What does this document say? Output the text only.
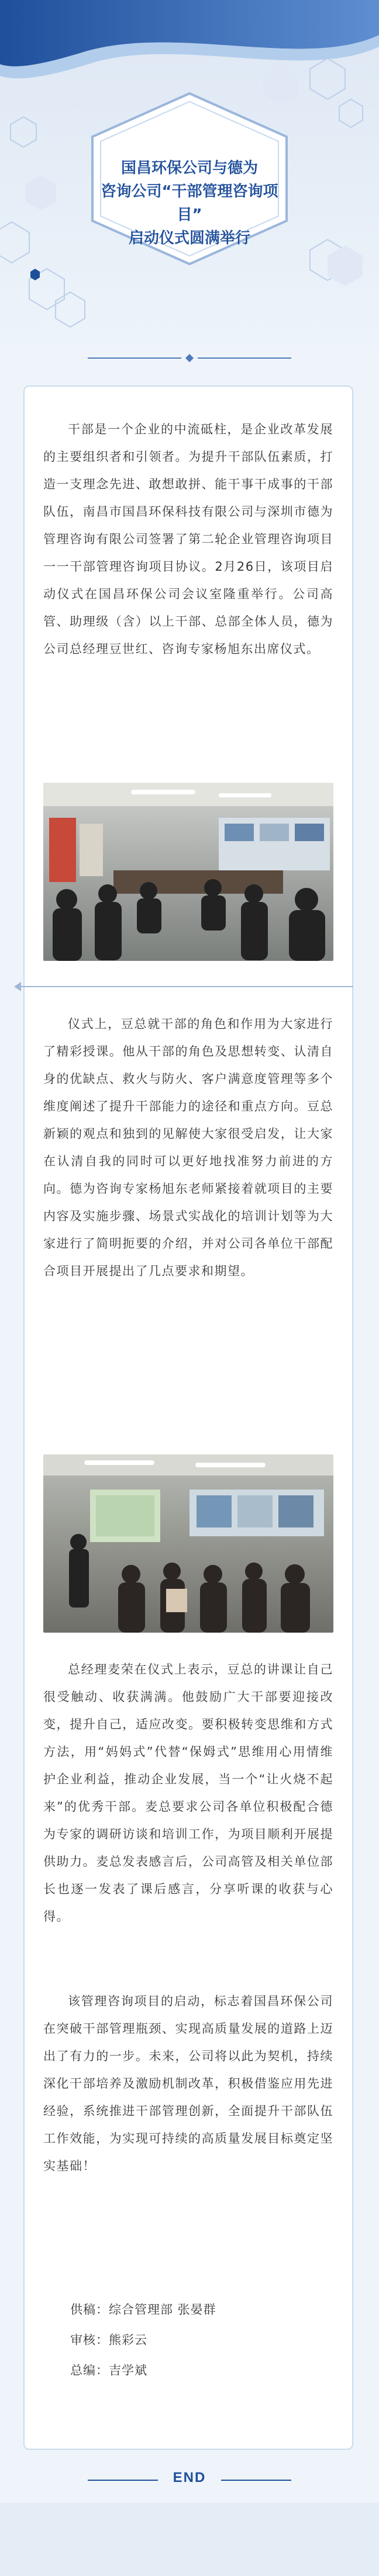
国昌环保公司与德为
咨询公司“干部管理咨询项目”
启动仪式圆满举行
干部是一个企业的中流砥柱，是企业改革发展的主要组织者和引领者。为提升干部队伍素质，打造一支理念先进、敢想敢拼、能干事干成事的干部队伍，南昌市国昌环保科技有限公司与深圳市德为管理咨询有限公司签署了第二轮企业管理咨询项目一一干部管理咨询项目协议。2月26日，该项目启动仪式在国昌环保公司会议室隆重举行。公司高管、助理级（含）以上干部、总部全体人员，德为公司总经理豆世红、咨询专家杨旭东出席仪式。
仪式上，豆总就干部的角色和作用为大家进行了精彩授课。他从干部的角色及思想转变、认清自身的优缺点、救火与防火、客户满意度管理等多个维度阐述了提升干部能力的途径和重点方向。豆总新颖的观点和独到的见解使大家很受启发，让大家在认清自我的同时可以更好地找准努力前进的方向。德为咨询专家杨旭东老师紧接着就项目的主要内容及实施步骤、场景式实战化的培训计划等为大家进行了简明扼要的介绍，并对公司各单位干部配合项目开展提出了几点要求和期望。
总经理麦荣在仪式上表示，豆总的讲课让自己很受触动、收获满满。他鼓励广大干部要迎接改变，提升自己，适应改变。要积极转变思维和方式方法，用“妈妈式”代替“保姆式”思维用心用情维护企业利益，推动企业发展，当一个“让火烧不起来”的优秀干部。麦总要求公司各单位积极配合德为专家的调研访谈和培训工作，为项目顺利开展提供助力。麦总发表感言后，公司高管及相关单位部长也逐一发表了课后感言，分享听课的收获与心得。
该管理咨询项目的启动，标志着国昌环保公司在突破干部管理瓶颈、实现高质量发展的道路上迈出了有力的一步。未来，公司将以此为契机，持续深化干部培养及激励机制改革，积极借鉴应用先进经验，系统推进干部管理创新，全面提升干部队伍工作效能，为实现可持续的高质量发展目标奠定坚实基础！
供稿：综合管理部 张晏群
审核：熊彩云
总编：吉学斌
END
